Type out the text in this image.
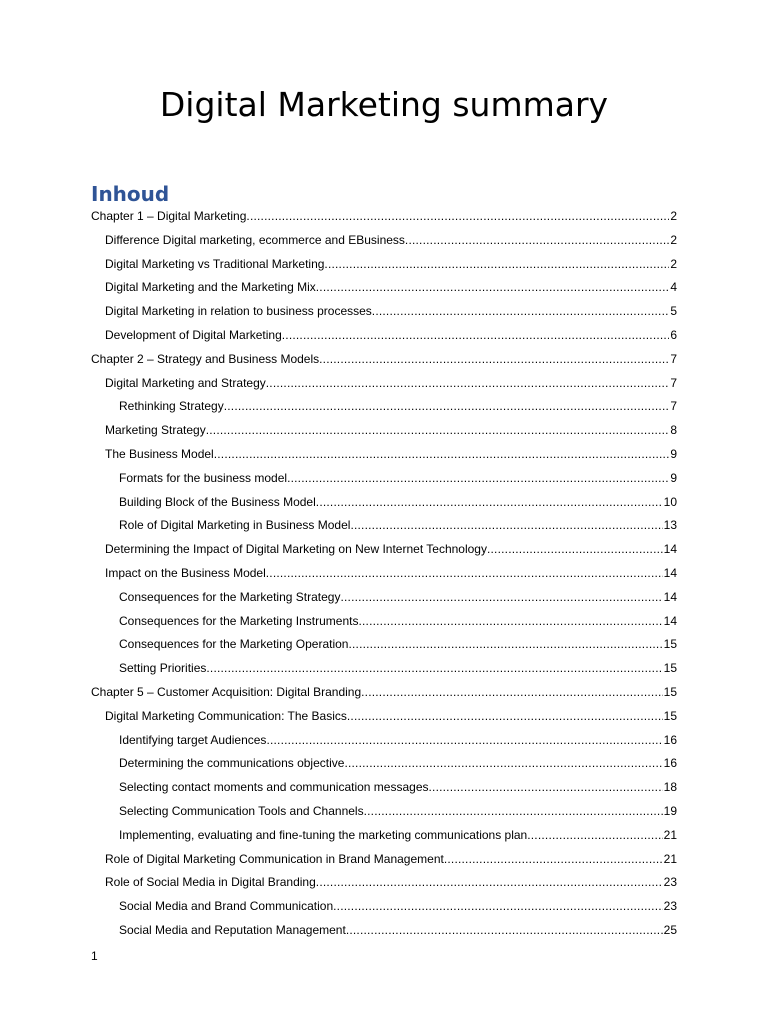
Digital Marketing summary
Inhoud
Chapter 1 – Digital Marketing .....	2
Difference Digital marketing, ecommerce and EBusiness .....	2
Digital Marketing vs Traditional Marketing .....	2
Digital Marketing and the Marketing Mix .....	4
Digital Marketing in relation to business processes .....	5
Development of Digital Marketing .....	6
Chapter 2 – Strategy and Business Models .....	7
Digital Marketing and Strategy .....	7
Rethinking Strategy .....	7
Marketing Strategy .....	8
The Business Model .....	9
Formats for the business model .....	9
Building Block of the Business Model .....	10
Role of Digital Marketing in Business Model .....	13
Determining the Impact of Digital Marketing on New Internet Technology .....	14
Impact on the Business Model .....	14
Consequences for the Marketing Strategy .....	14
Consequences for the Marketing Instruments .....	14
Consequences for the Marketing Operation .....	15
Setting Priorities .....	15
Chapter 5 – Customer Acquisition: Digital Branding .....	15
Digital Marketing Communication: The Basics .....	15
Identifying target Audiences .....	16
Determining the communications objective .....	16
Selecting contact moments and communication messages .....	18
Selecting Communication Tools and Channels .....	19
Implementing, evaluating and fine-tuning the marketing communications plan .....	21
Role of Digital Marketing Communication in Brand Management .....	21
Role of Social Media in Digital Branding .....	23
Social Media and Brand Communication .....	23
Social Media and Reputation Management .....	25
1
